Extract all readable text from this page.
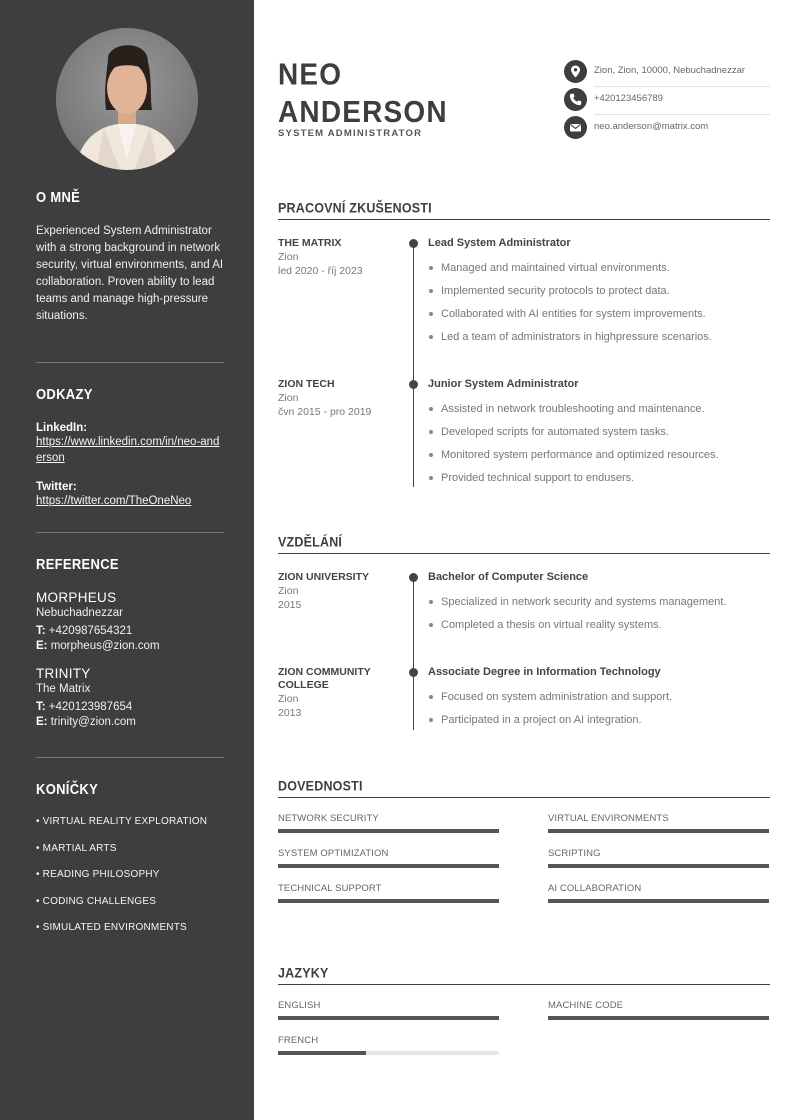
O MNĚ

Experienced System Administrator with a strong background in network security, virtual environments, and AI collaboration. Proven ability to lead teams and manage high-pressure situations.

ODKAZY

LinkedIn:
https://www.linkedin.com/in/neo-anderson
Twitter:
https://twitter.com/TheOneNeo

REFERENCE

MORPHEUS
Nebuchadnezzar
T: +420987654321
E: morpheus@zion.com
TRINITY
The Matrix
T: +420123987654
E: trinity@zion.com

KONÍČKY

• VIRTUAL REALITY EXPLORATION
• MARTIAL ARTS
• READING PHILOSOPHY
• CODING CHALLENGES
• SIMULATED ENVIRONMENTS
NEO
ANDERSON
SYSTEM ADMINISTRATOR
Zion, Zion, 10000, Nebuchadnezzar
+420123456789
neo.anderson@matrix.com
PRACOVNÍ ZKUŠENOSTI
THE MATRIX
Zion
led 2020 - říj 2023
Lead System Administrator
Managed and maintained virtual environments.
Implemented security protocols to protect data.
Collaborated with AI entities for system improvements.
Led a team of administrators in highpressure scenarios.
ZION TECH
Zion
čvn 2015 - pro 2019
Junior System Administrator
Assisted in network troubleshooting and maintenance.
Developed scripts for automated system tasks.
Monitored system performance and optimized resources.
Provided technical support to endusers.
VZDĚLÁNÍ
ZION UNIVERSITY
Zion
2015
Bachelor of Computer Science
Specialized in network security and systems management.
Completed a thesis on virtual reality systems.
ZION COMMUNITY COLLEGE
Zion
2013
Associate Degree in Information Technology
Focused on system administration and support.
Participated in a project on AI integration.
DOVEDNOSTI
NETWORK SECURITY	VIRTUAL ENVIRONMENTS
SYSTEM OPTIMIZATION	SCRIPTING
TECHNICAL SUPPORT	AI COLLABORATION
JAZYKY
ENGLISH	MACHINE CODE
FRENCH
